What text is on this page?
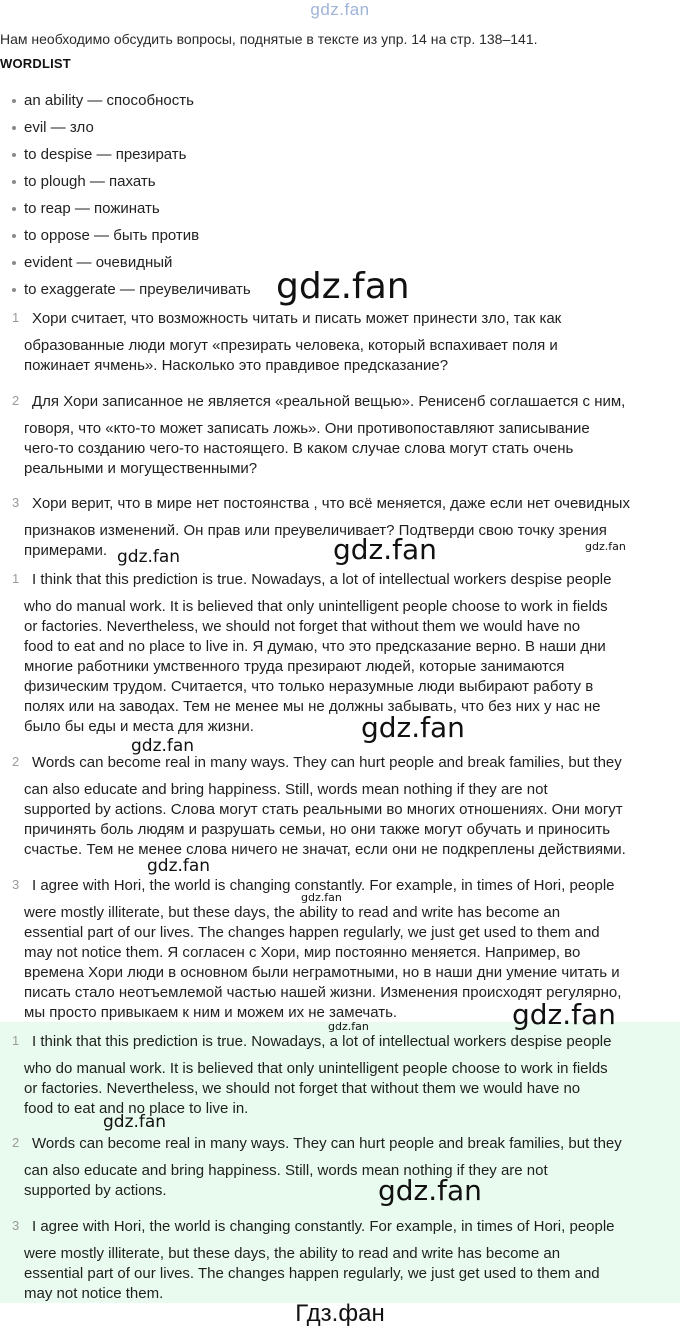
gdz.fan
Нам необходимо обсудить вопросы, поднятые в тексте из упр. 14 на стр. 138–141.
WORDLIST
an ability — способность
evil — зло
to despise — презирать
to plough — пахать
to reap — пожинать
to oppose — быть против
evident — очевидный
to exaggerate — преувеличивать
1 Хори считает, что возможность читать и писать может принести зло, так как
образованные люди могут «презирать человека, который вспахивает поля и
пожинает ячмень». Насколько это правдивое предсказание?
2 Для Хори записанное не является «реальной вещью». Ренисенб соглашается с ним,
говоря, что «кто-то может записать ложь». Они противопоставляют записывание
чего-то созданию чего-то настоящего. В каком случае слова могут стать очень
реальными и могущественными?
3 Хори верит, что в мире нет постоянства , что всё меняется, даже если нет очевидных
признаков изменений. Он прав или преувеличивает? Подтверди свою точку зрения
примерами.
1 I think that this prediction is true. Nowadays, a lot of intellectual workers despise people
who do manual work. It is believed that only unintelligent people choose to work in fields
or factories. Nevertheless, we should not forget that without them we would have no
food to eat and no place to live in. Я думаю, что это предсказание верно. В наши дни
многие работники умственного труда презирают людей, которые занимаются
физическим трудом. Считается, что только неразумные люди выбирают работу в
полях или на заводах. Тем не менее мы не должны забывать, что без них у нас не
было бы еды и места для жизни.
2 Words can become real in many ways. They can hurt people and break families, but they
can also educate and bring happiness. Still, words mean nothing if they are not
supported by actions. Слова могут стать реальными во многих отношениях. Они могут
причинять боль людям и разрушать семьи, но они также могут обучать и приносить
счастье. Тем не менее слова ничего не значат, если они не подкреплены действиями.
3 I agree with Hori, the world is changing constantly. For example, in times of Hori, people
were mostly illiterate, but these days, the ability to read and write has become an
essential part of our lives. The changes happen regularly, we just get used to them and
may not notice them. Я согласен с Хори, мир постоянно меняется. Например, во
времена Хори люди в основном были неграмотными, но в наши дни умение читать и
писать стало неотъемлемой частью нашей жизни. Изменения происходят регулярно,
мы просто привыкаем к ним и можем их не замечать.
1 I think that this prediction is true. Nowadays, a lot of intellectual workers despise people
who do manual work. It is believed that only unintelligent people choose to work in fields
or factories. Nevertheless, we should not forget that without them we would have no
food to eat and no place to live in.
2 Words can become real in many ways. They can hurt people and break families, but they
can also educate and bring happiness. Still, words mean nothing if they are not
supported by actions.
3 I agree with Hori, the world is changing constantly. For example, in times of Hori, people
were mostly illiterate, but these days, the ability to read and write has become an
essential part of our lives. The changes happen regularly, we just get used to them and
may not notice them.
gdz.fan
gdz.fan
gdz.fan
gdz.fan
gdz.fan
gdz.fan
gdz.fan
gdz.fan
gdz.fan
gdz.fan
gdz.fan
gdz.fan
Гдз.фан
